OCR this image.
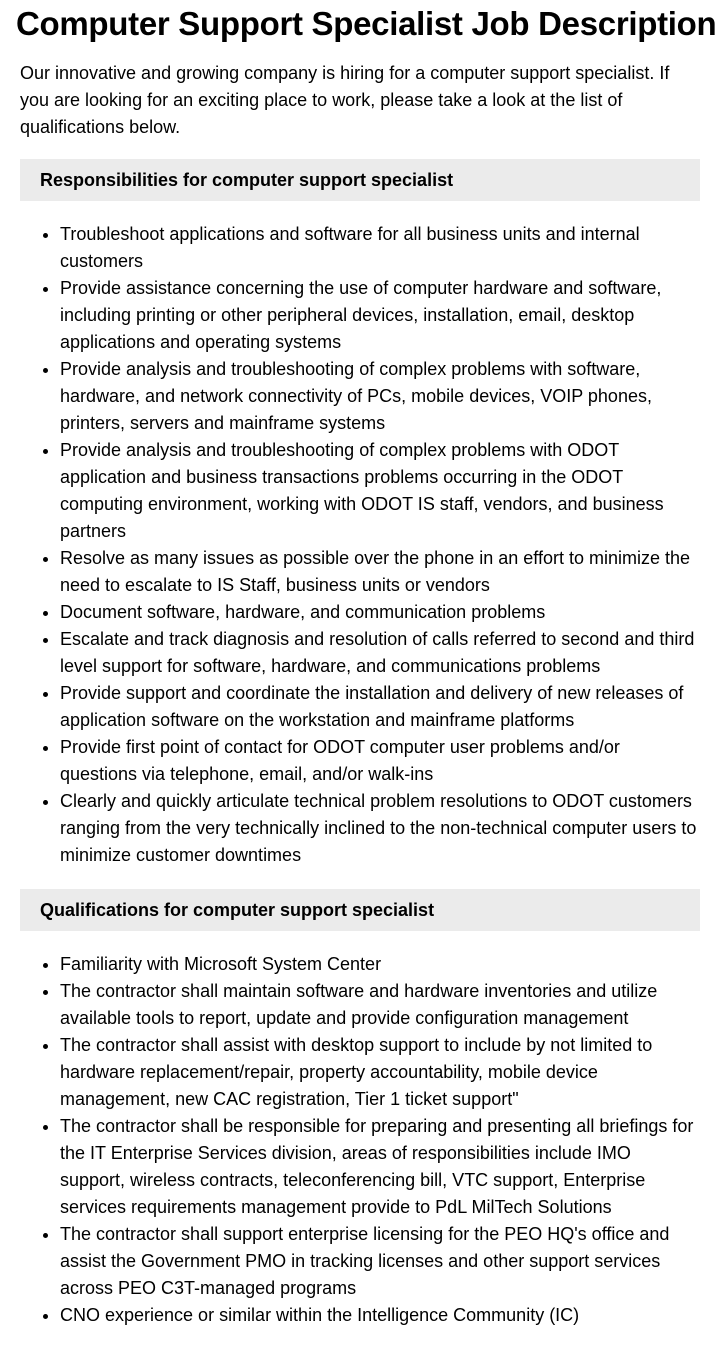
Computer Support Specialist Job Description

Our innovative and growing company is hiring for a computer support specialist. If you are looking for an exciting place to work, please take a look at the list of qualifications below.

Responsibilities for computer support specialist
• Troubleshoot applications and software for all business units and internal customers
• Provide assistance concerning the use of computer hardware and software, including printing or other peripheral devices, installation, email, desktop applications and operating systems
• Provide analysis and troubleshooting of complex problems with software, hardware, and network connectivity of PCs, mobile devices, VOIP phones, printers, servers and mainframe systems
• Provide analysis and troubleshooting of complex problems with ODOT application and business transactions problems occurring in the ODOT computing environment, working with ODOT IS staff, vendors, and business partners
• Resolve as many issues as possible over the phone in an effort to minimize the need to escalate to IS Staff, business units or vendors
• Document software, hardware, and communication problems
• Escalate and track diagnosis and resolution of calls referred to second and third level support for software, hardware, and communications problems
• Provide support and coordinate the installation and delivery of new releases of application software on the workstation and mainframe platforms
• Provide first point of contact for ODOT computer user problems and/or questions via telephone, email, and/or walk-ins
• Clearly and quickly articulate technical problem resolutions to ODOT customers ranging from the very technically inclined to the non-technical computer users to minimize customer downtimes
Qualifications for computer support specialist
• Familiarity with Microsoft System Center
• The contractor shall maintain software and hardware inventories and utilize available tools to report, update and provide configuration management
• The contractor shall assist with desktop support to include by not limited to hardware replacement/repair, property accountability, mobile device management, new CAC registration, Tier 1 ticket support"
• The contractor shall be responsible for preparing and presenting all briefings for the IT Enterprise Services division, areas of responsibilities include IMO support, wireless contracts, teleconferencing bill, VTC support, Enterprise services requirements management provide to PdL MilTech Solutions
• The contractor shall support enterprise licensing for the PEO HQ's office and assist the Government PMO in tracking licenses and other support services across PEO C3T-managed programs
• CNO experience or similar within the Intelligence Community (IC)
